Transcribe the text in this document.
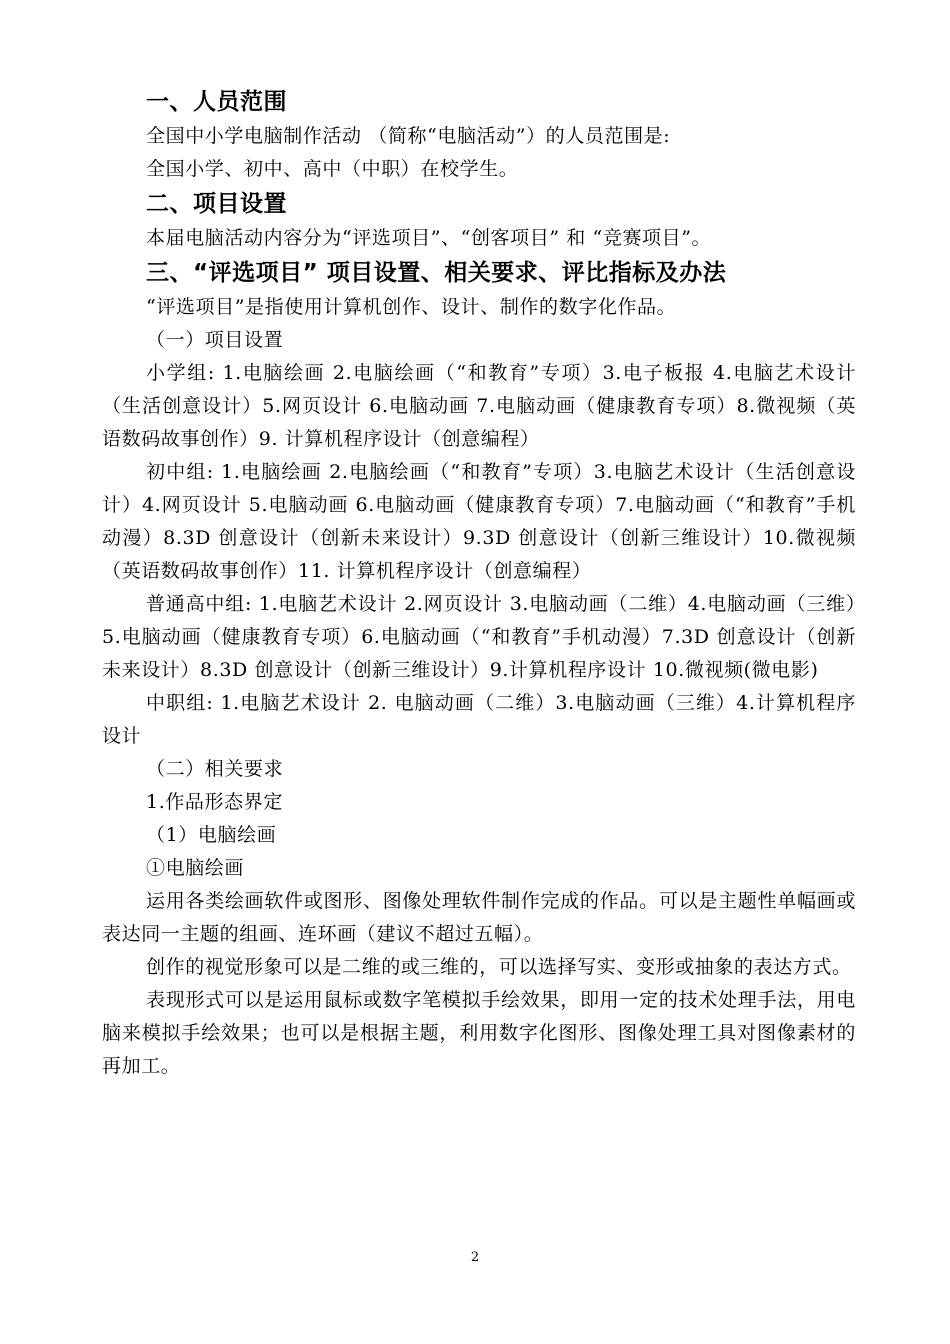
一、人员范围

全国中小学电脑制作活动 （简称“电脑活动”）的人员范围是:

全国小学、初中、高中（中职）在校学生。

二、项目设置

本届电脑活动内容分为“评选项目”、“创客项目” 和 “竞赛项目”。

三、“评选项目” 项目设置、相关要求、评比指标及办法

“评选项目”是指使用计算机创作、设计、制作的数字化作品。

（一）项目设置

小学组: 1.电脑绘画 2.电脑绘画（“和教育”专项）3.电子板报 4.电脑艺术设计（生活创意设计）5.网页设计 6.电脑动画 7.电脑动画（健康教育专项）8.微视频（英语数码故事创作）9. 计算机程序设计（创意编程）

初中组: 1.电脑绘画 2.电脑绘画（“和教育”专项）3.电脑艺术设计（生活创意设计）4.网页设计 5.电脑动画 6.电脑动画（健康教育专项）7.电脑动画（“和教育”手机动漫）8.3D 创意设计（创新未来设计）9.3D 创意设计（创新三维设计）10.微视频（英语数码故事创作）11. 计算机程序设计（创意编程）

普通高中组: 1.电脑艺术设计 2.网页设计 3.电脑动画（二维）4.电脑动画（三维）5.电脑动画（健康教育专项）6.电脑动画（“和教育”手机动漫）7.3D 创意设计（创新未来设计）8.3D 创意设计（创新三维设计）9.计算机程序设计 10.微视频(微电影)

中职组: 1.电脑艺术设计 2. 电脑动画（二维）3.电脑动画（三维）4.计算机程序设计

（二）相关要求

1.作品形态界定

（1）电脑绘画

①电脑绘画

运用各类绘画软件或图形、图像处理软件制作完成的作品。可以是主题性单幅画或表达同一主题的组画、连环画（建议不超过五幅）。

创作的视觉形象可以是二维的或三维的，可以选择写实、变形或抽象的表达方式。

表现形式可以是运用鼠标或数字笔模拟手绘效果，即用一定的技术处理手法，用电脑来模拟手绘效果；也可以是根据主题，利用数字化图形、图像处理工具对图像素材的再加工。

2
